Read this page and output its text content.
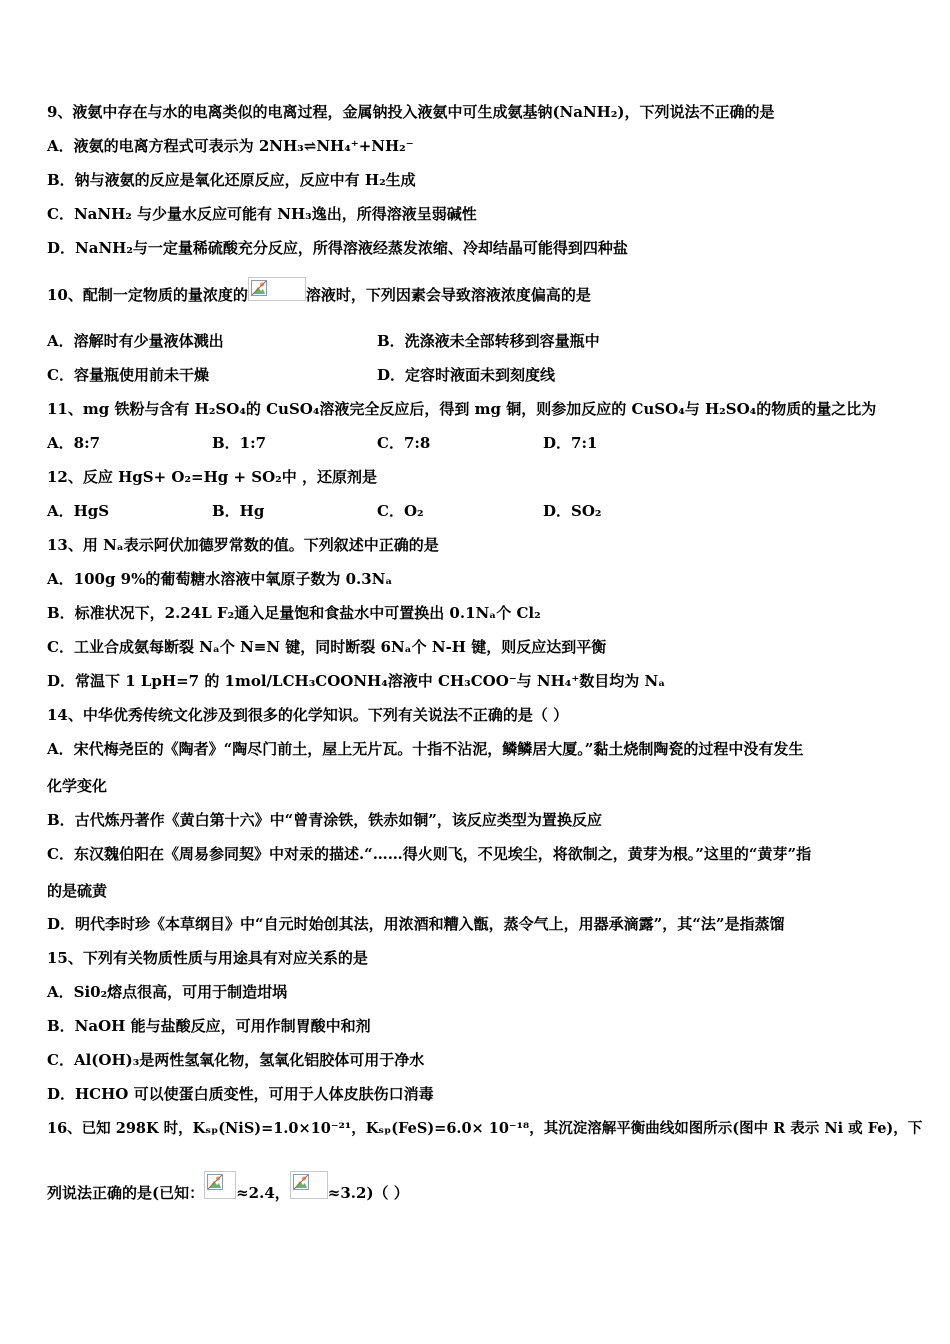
9、液氨中存在与水的电离类似的电离过程，金属钠投入液氨中可生成氨基钠(NaNH₂)，下列说法不正确的是
A．液氨的电离方程式可表示为 2NH₃⇌NH₄⁺+NH₂⁻
B．钠与液氨的反应是氧化还原反应，反应中有 H₂生成
C．NaNH₂ 与少量水反应可能有 NH₃逸出，所得溶液呈弱碱性
D．NaNH₂与一定量稀硫酸充分反应，所得溶液经蒸发浓缩、冷却结晶可能得到四种盐
10、配制一定物质的量浓度的	溶液时，下列因素会导致溶液浓度偏高的是
A．溶解时有少量液体溅出	B．洗涤液未全部转移到容量瓶中
C．容量瓶使用前未干燥	D．定容时液面未到刻度线
11、mg 铁粉与含有 H₂SO₄的 CuSO₄溶液完全反应后，得到 mg 铜，则参加反应的 CuSO₄与 H₂SO₄的物质的量之比为
A．8:7	B．1:7	C．7:8	D．7:1
12、反应 HgS+ O₂=Hg + SO₂中 ，还原剂是
A．HgS	B．Hg	C．O₂	D．SO₂
13、用 Nₐ表示阿伏加德罗常数的值。下列叙述中正确的是
A．100g 9%的葡萄糖水溶液中氧原子数为 0.3Nₐ
B．标准状况下，2.24L F₂通入足量饱和食盐水中可置换出 0.1Nₐ个 Cl₂
C．工业合成氨每断裂 Nₐ个 N≡N 键，同时断裂 6Nₐ个 N-H 键，则反应达到平衡
D．常温下 1 LpH=7 的 1mol/LCH₃COONH₄溶液中 CH₃COO⁻与 NH₄⁺数目均为 Nₐ
14、中华优秀传统文化涉及到很多的化学知识。下列有关说法不正确的是（ ）
A．宋代梅尧臣的《陶者》“陶尽门前土，屋上无片瓦。十指不沾泥，鳞鳞居大厦。”黏土烧制陶瓷的过程中没有发生
化学变化
B．古代炼丹著作《黄白第十六》中“曾青涂铁，铁赤如铜”，该反应类型为置换反应
C．东汉魏伯阳在《周易参同契》中对汞的描述.“……得火则飞，不见埃尘，将欲制之，黄芽为根。”这里的“黄芽”指
的是硫黄
D．明代李时珍《本草纲目》中“自元时始创其法，用浓酒和糟入甑，蒸令气上，用器承滴露”，其“法”是指蒸馏
15、下列有关物质性质与用途具有对应关系的是
A．Si0₂熔点很高，可用于制造坩埚
B．NaOH 能与盐酸反应，可用作制胃酸中和剂
C．Al(OH)₃是两性氢氧化物，氢氧化铝胶体可用于净水
D．HCHO 可以使蛋白质变性，可用于人体皮肤伤口消毒
16、已知 298K 时，Kₛₚ(NiS)=1.0×10⁻²¹，Kₛₚ(FeS)=6.0× 10⁻¹⁸，其沉淀溶解平衡曲线如图所示(图中 R 表示 Ni 或 Fe)，下
列说法正确的是(已知： ≈2.4，	≈3.2)（ ）
